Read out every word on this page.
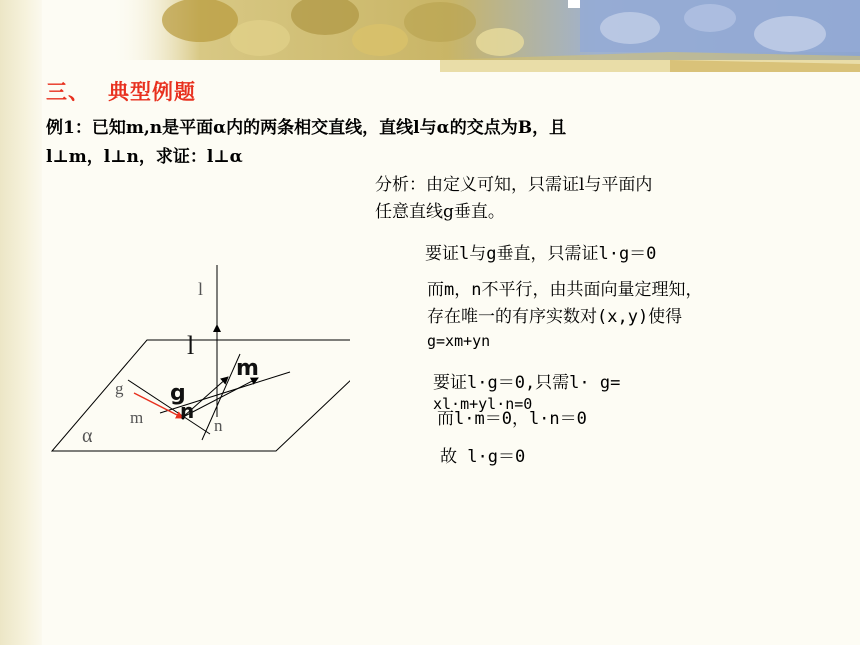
三、 典型例题
例1：已知m,n是平面α内的两条相交直线，直线l与α的交点为B，且
l⊥m，l⊥n，求证：l⊥α
分析：由定义可知，只需证l与平面内
任意直线g垂直。
要证l与g垂直，只需证l·g＝0
而m，n不平行，由共面向量定理知，
存在唯一的有序实数对(x,y)使得
g=xm+yn
要证l·g＝0,只需l· g=
xl·m+yl·n=0
而l·m＝0，l·n＝0
故 l·g＝0
l
l
m
g g
n
m	n
α
